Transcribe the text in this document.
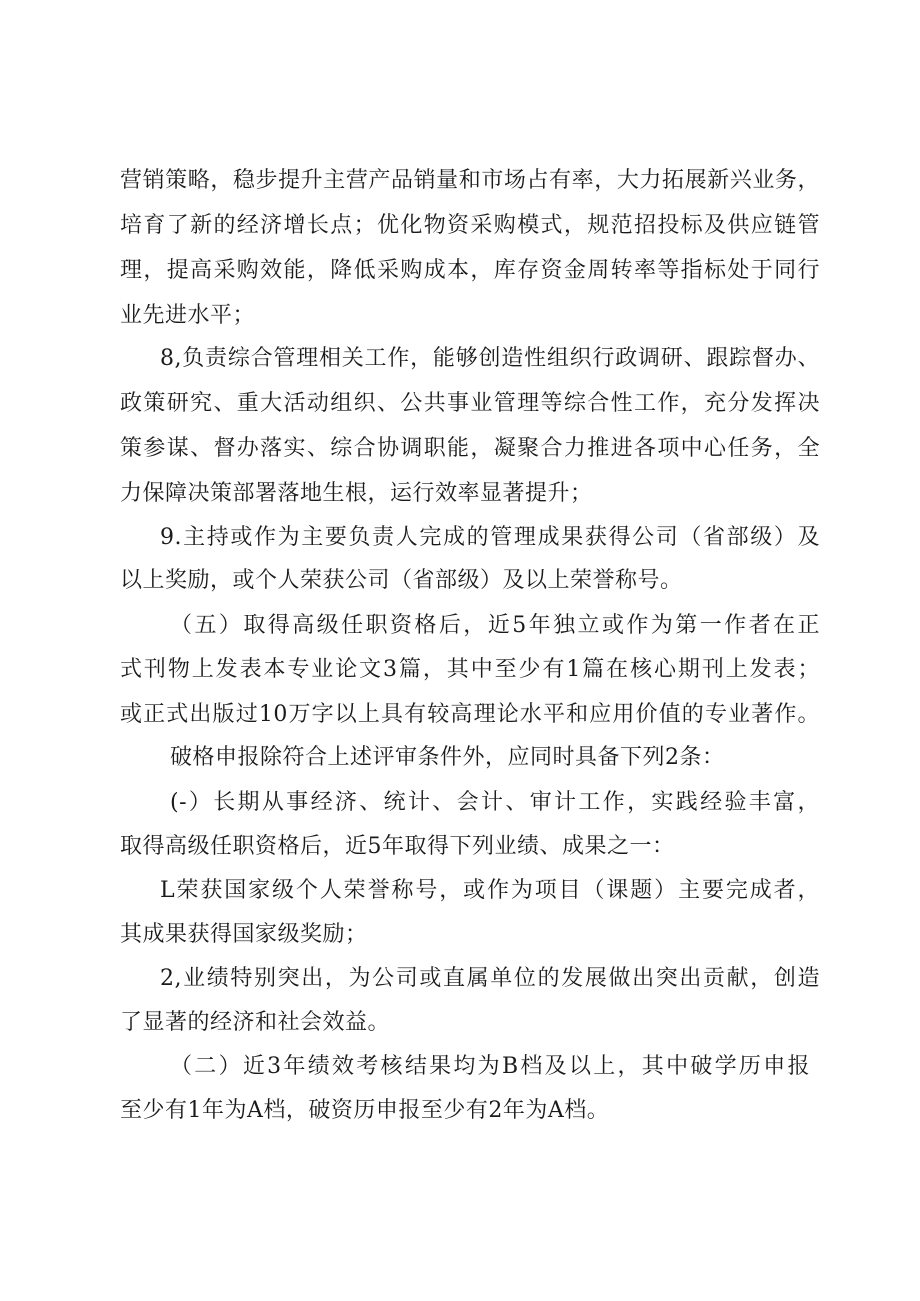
营销策略，稳步提升主营产品销量和市场占有率，大力拓展新兴业务，
培育了新的经济增长点；优化物资采购模式，规范招投标及供应链管
理，提高采购效能，降低采购成本，库存资金周转率等指标处于同行
业先进水平；
8,负责综合管理相关工作，能够创造性组织行政调研、跟踪督办、
政策研究、重大活动组织、公共事业管理等综合性工作，充分发挥决
策参谋、督办落实、综合协调职能，凝聚合力推进各项中心任务，全
力保障决策部署落地生根，运行效率显著提升；
9.主持或作为主要负责人完成的管理成果获得公司（省部级）及
以上奖励，或个人荣获公司（省部级）及以上荣誉称号。
（五）取得高级任职资格后，近5年独立或作为第一作者在正
式刊物上发表本专业论文3篇，其中至少有1篇在核心期刊上发表；
或正式出版过10万字以上具有较高理论水平和应用价值的专业著作。
破格申报除符合上述评审条件外，应同时具备下列2条：
(-）长期从事经济、统计、会计、审计工作，实践经验丰富，
取得高级任职资格后，近5年取得下列业绩、成果之一：
L荣获国家级个人荣誉称号，或作为项目（课题）主要完成者，
其成果获得国家级奖励；
2,业绩特别突出，为公司或直属单位的发展做出突出贡献，创造
了显著的经济和社会效益。
（二）近3年绩效考核结果均为B档及以上，其中破学历申报
至少有1年为A档，破资历申报至少有2年为A档。
